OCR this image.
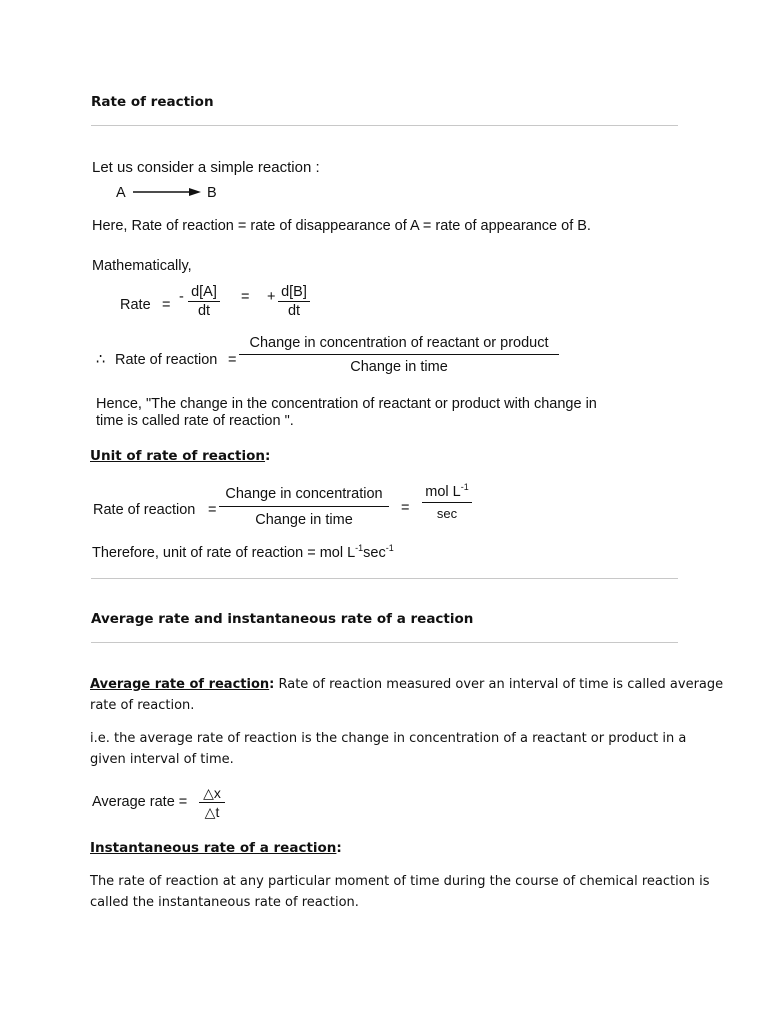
Rate of reaction
Let us consider a simple reaction :
A	B
Here, Rate of reaction = rate of disappearance of A = rate of appearance of B.
Mathematically,
Rate = - d[A]
dt
= + d[B]
dt
∴ Rate of reaction =
Change in concentration of reactant or product
Change in time
Hence, "The change in the concentration of reactant or product with change in
time is called rate of reaction ".
Unit of rate of reaction:
Rate of reaction =
Change in concentration
Change in time
=
mol $L^{-1}$
sec
Therefore, unit of rate of reaction = mol $L^{-1}\sec^{-1}$
Average rate and instantaneous rate of a reaction
Average rate of reaction: Rate of reaction measured over an interval of time is called average
rate of reaction.
i.e. the average rate of reaction is the change in concentration of a reactant or product in a
given interval of time.
Average rate =
△x
△t
Instantaneous rate of a reaction:
The rate of reaction at any particular moment of time during the course of chemical reaction is
called the instantaneous rate of reaction.
